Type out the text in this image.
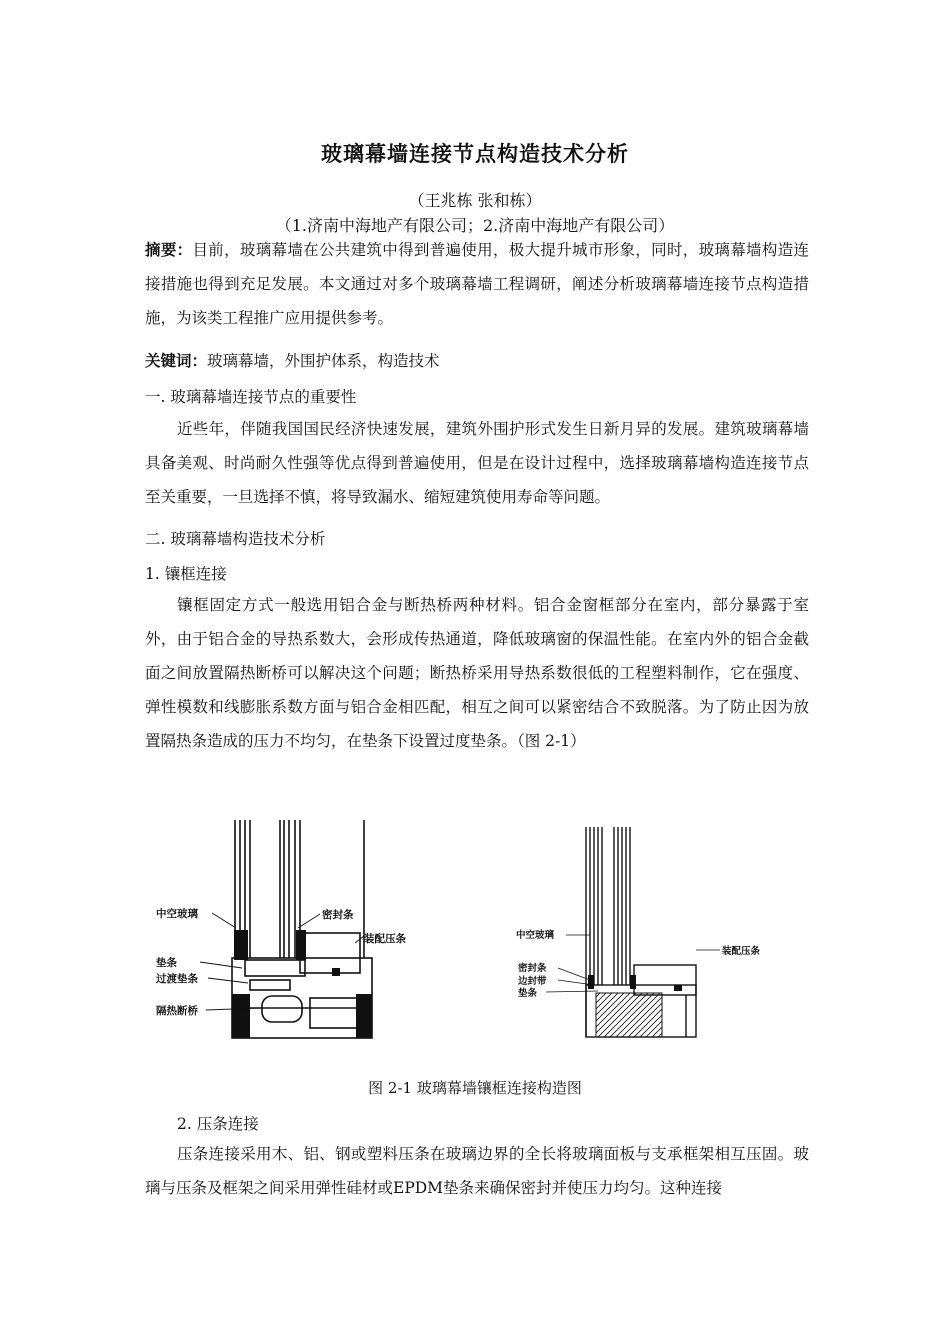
玻璃幕墙连接节点构造技术分析
（王兆栋 张和栋）
（1.济南中海地产有限公司；2.济南中海地产有限公司）
摘要：目前，玻璃幕墙在公共建筑中得到普遍使用，极大提升城市形象，同时，玻璃幕墙构造连接措施也得到充足发展。本文通过对多个玻璃幕墙工程调研，阐述分析玻璃幕墙连接节点构造措施，为该类工程推广应用提供参考。
关键词：玻璃幕墙，外围护体系，构造技术
一. 玻璃幕墙连接节点的重要性
近些年，伴随我国国民经济快速发展，建筑外围护形式发生日新月异的发展。建筑玻璃幕墙具备美观、时尚耐久性强等优点得到普遍使用，但是在设计过程中，选择玻璃幕墙构造连接节点至关重要，一旦选择不慎，将导致漏水、缩短建筑使用寿命等问题。
二. 玻璃幕墙构造技术分析
1. 镶框连接
镶框固定方式一般选用铝合金与断热桥两种材料。铝合金窗框部分在室内，部分暴露于室外，由于铝合金的导热系数大，会形成传热通道，降低玻璃窗的保温性能。在室内外的铝合金截面之间放置隔热断桥可以解决这个问题；断热桥采用导热系数很低的工程塑料制作，它在强度、弹性模数和线膨胀系数方面与铝合金相匹配，相互之间可以紧密结合不致脱落。为了防止因为放置隔热条造成的压力不均匀，在垫条下设置过度垫条。（图 2-1）
中空玻璃	密封条
装配压条
垫条
过渡垫条
隔热断桥
中空玻璃
装配压条
密封条
边封带
垫条
图 2-1 玻璃幕墙镶框连接构造图
2. 压条连接
压条连接采用木、铝、钢或塑料压条在玻璃边界的全长将玻璃面板与支承框架相互压固。玻璃与压条及框架之间采用弹性硅材或EPDM垫条来确保密封并使压力均匀。这种连接
